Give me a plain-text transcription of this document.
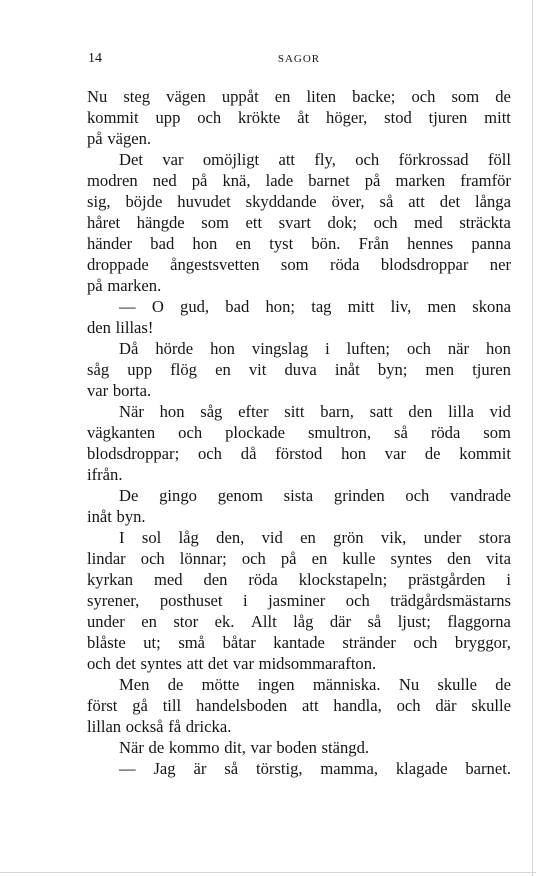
14	SAGOR
Nu steg vägen uppåt en liten backe; och som de
kommit upp och krökte åt höger, stod tjuren mitt
på vägen.
Det var omöjligt att fly, och förkrossad föll
modren ned på knä, lade barnet på marken framför
sig, böjde huvudet skyddande över, så att det långa
håret hängde som ett svart dok; och med sträckta
händer bad hon en tyst bön. Från hennes panna
droppade ångestsvetten som röda blodsdroppar ner
på marken.
— O gud, bad hon; tag mitt liv, men skona
den lillas!
Då hörde hon vingslag i luften; och när hon
såg upp flög en vit duva inåt byn; men tjuren
var borta.
När hon såg efter sitt barn, satt den lilla vid
vägkanten och plockade smultron, så röda som
blodsdroppar; och då förstod hon var de kommit
ifrån.
De gingo genom sista grinden och vandrade
inåt byn.
I sol låg den, vid en grön vik, under stora
lindar och lönnar; och på en kulle syntes den vita
kyrkan med den röda klockstapeln; prästgården i
syrener, posthuset i jasminer och trädgårdsmästarns
under en stor ek. Allt låg där så ljust; flaggorna
blåste ut; små båtar kantade stränder och bryggor,
och det syntes att det var midsommarafton.
Men de mötte ingen människa. Nu skulle de
först gå till handelsboden att handla, och där skulle
lillan också få dricka.
När de kommo dit, var boden stängd.
— Jag är så törstig, mamma, klagade barnet.
